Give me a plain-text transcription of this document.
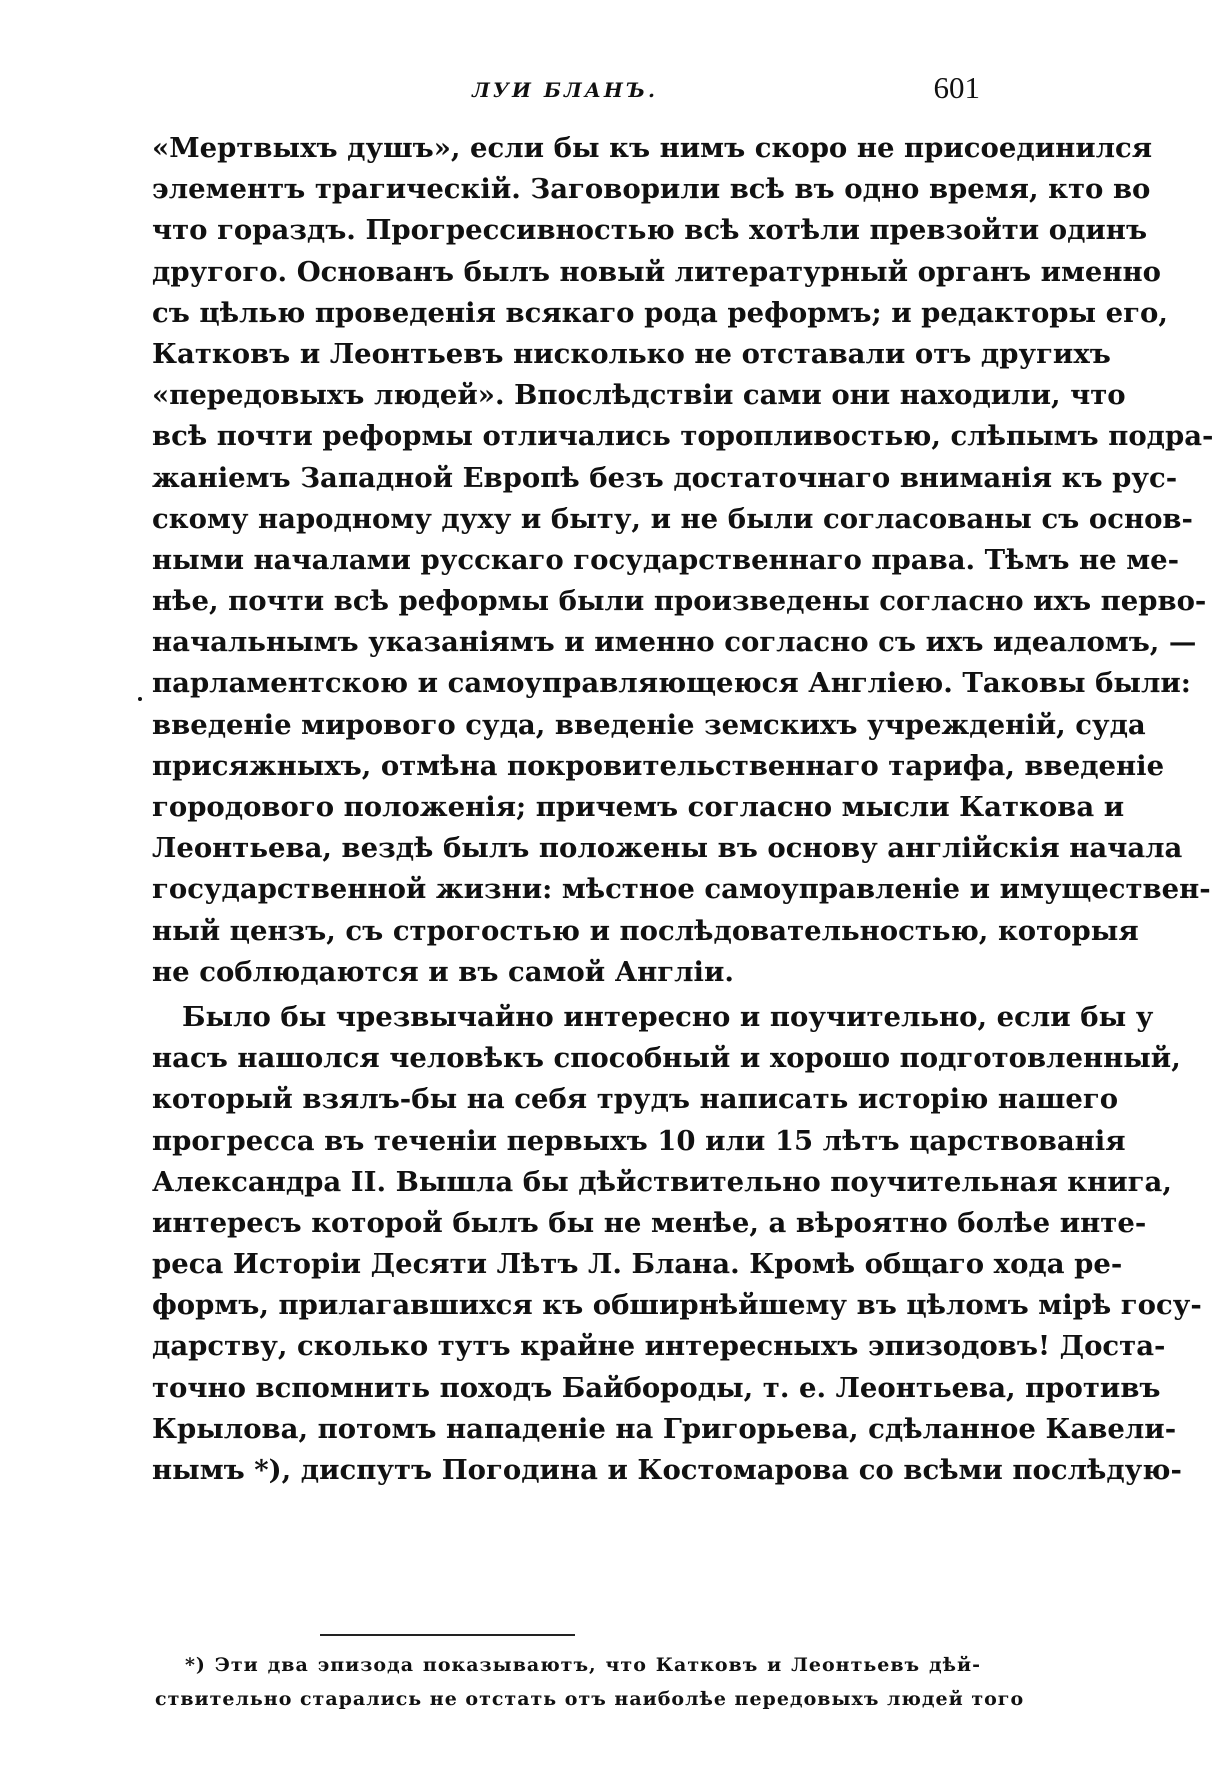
ЛУИ БЛАНЪ.	601
«Мертвыхъ душъ», если бы къ нимъ скоро не присоединился
элементъ трагическій. Заговорили всѣ въ одно время, кто во
что гораздъ. Прогрессивностью всѣ хотѣли превзойти одинъ
другого. Основанъ былъ новый литературный органъ именно
съ цѣлью проведенія всякаго рода реформъ; и редакторы его,
Катковъ и Леонтьевъ нисколько не отставали отъ другихъ
«передовыхъ людей». Впослѣдствіи сами они находили, что
всѣ почти реформы отличались торопливостью, слѣпымъ подра-
жаніемъ Западной Европѣ безъ достаточнаго вниманія къ рус-
скому народному духу и быту, и не были согласованы съ основ-
ными началами русскаго государственнаго права. Тѣмъ не ме-
нѣе, почти всѣ реформы были произведены согласно ихъ перво-
начальнымъ указаніямъ и именно согласно съ ихъ идеаломъ, —
парламентскою и самоуправляющеюся Англіею. Таковы были:
введеніе мирового суда, введеніе земскихъ учрежденій, суда
присяжныхъ, отмѣна покровительственнаго тарифа, введеніе
городового положенія; причемъ согласно мысли Каткова и
Леонтьева, вездѣ былъ положены въ основу англійскія начала
государственной жизни: мѣстное самоуправленіе и имуществен-
ный цензъ, съ строгостью и послѣдовательностью, которыя
не соблюдаются и въ самой Англіи.
Было бы чрезвычайно интересно и поучительно, если бы у
насъ нашолся человѣкъ способный и хорошо подготовленный,
который взялъ-бы на себя трудъ написать исторію нашего
прогресса въ теченіи первыхъ 10 или 15 лѣтъ царствованія
Александра II. Вышла бы дѣйствительно поучительная книга,
интересъ которой былъ бы не менѣе, а вѣроятно болѣе инте-
реса Исторіи Десяти Лѣтъ Л. Блана. Кромѣ общаго хода ре-
формъ, прилагавшихся къ обширнѣйшему въ цѣломъ мірѣ госу-
дарству, сколько тутъ крайне интересныхъ эпизодовъ! Доста-
точно вспомнить походъ Байбороды, т. е. Леонтьева, противъ
Крылова, потомъ нападеніе на Григорьева, сдѣланное Кавели-
нымъ *), диспутъ Погодина и Костомарова со всѣми послѣдую-
*) Эти два эпизода показываютъ, что Катковъ и Леонтьевъ дѣй-
ствительно старались не отстать отъ наиболѣе передовыхъ людей того
